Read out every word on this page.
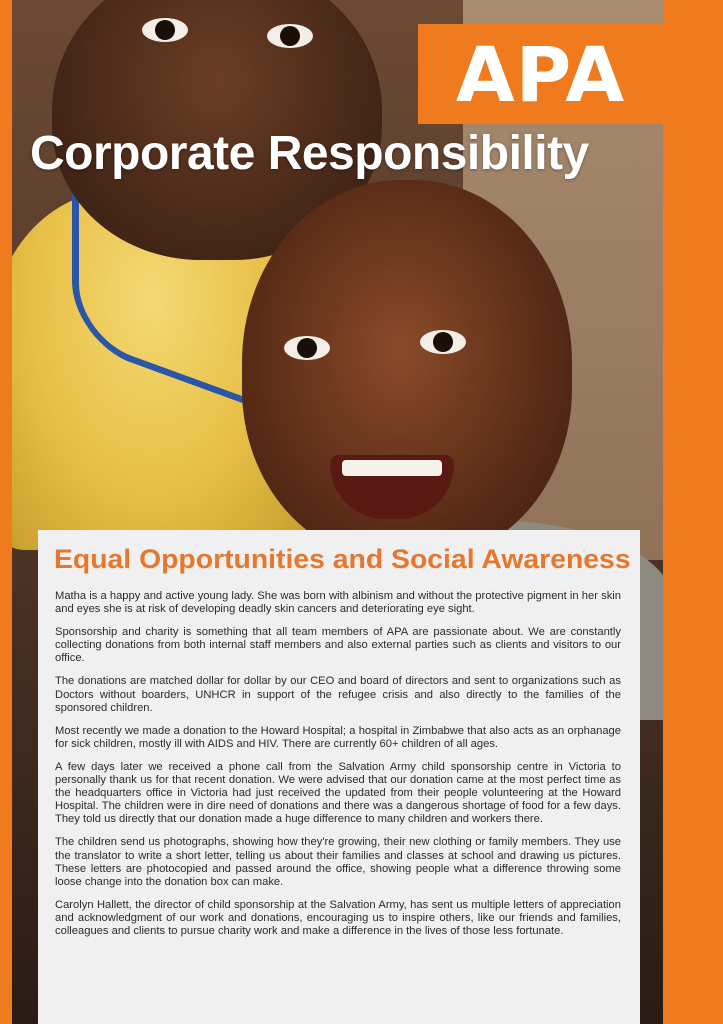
APA
Corporate Responsibility
Equal Opportunities and Social Awareness

Matha is a happy and active young lady. She was born with albinism and without the protective pigment in her skin and eyes she is at risk of developing deadly skin cancers and deteriorating eye sight.

Sponsorship and charity is something that all team members of APA are passionate about. We are constantly collecting donations from both internal staff members and also external parties such as clients and visitors to our office.

The donations are matched dollar for dollar by our CEO and board of directors and sent to organizations such as Doctors without boarders, UNHCR in support of the refugee crisis and also directly to the families of the sponsored children.

Most recently we made a donation to the Howard Hospital; a hospital in Zimbabwe that also acts as an orphanage for sick children, mostly ill with AIDS and HIV. There are currently 60+ children of all ages.

A few days later we received a phone call from the Salvation Army child sponsorship centre in Victoria to personally thank us for that recent donation. We were advised that our donation came at the most perfect time as the headquarters office in Victoria had just received the updated from their people volunteering at the Howard Hospital. The children were in dire need of donations and there was a dangerous shortage of food for a few days. They told us directly that our donation made a huge difference to many children and workers there.

The children send us photographs, showing how they're growing, their new clothing or family members. They use the translator to write a short letter, telling us about their families and classes at school and drawing us pictures. These letters are photocopied and passed around the office, showing people what a difference throwing some loose change into the donation box can make.

Carolyn Hallett, the director of child sponsorship at the Salvation Army, has sent us multiple letters of appreciation and acknowledgment of our work and donations, encouraging us to inspire others, like our friends and families, colleagues and clients to pursue charity work and make a difference in the lives of those less fortunate.
